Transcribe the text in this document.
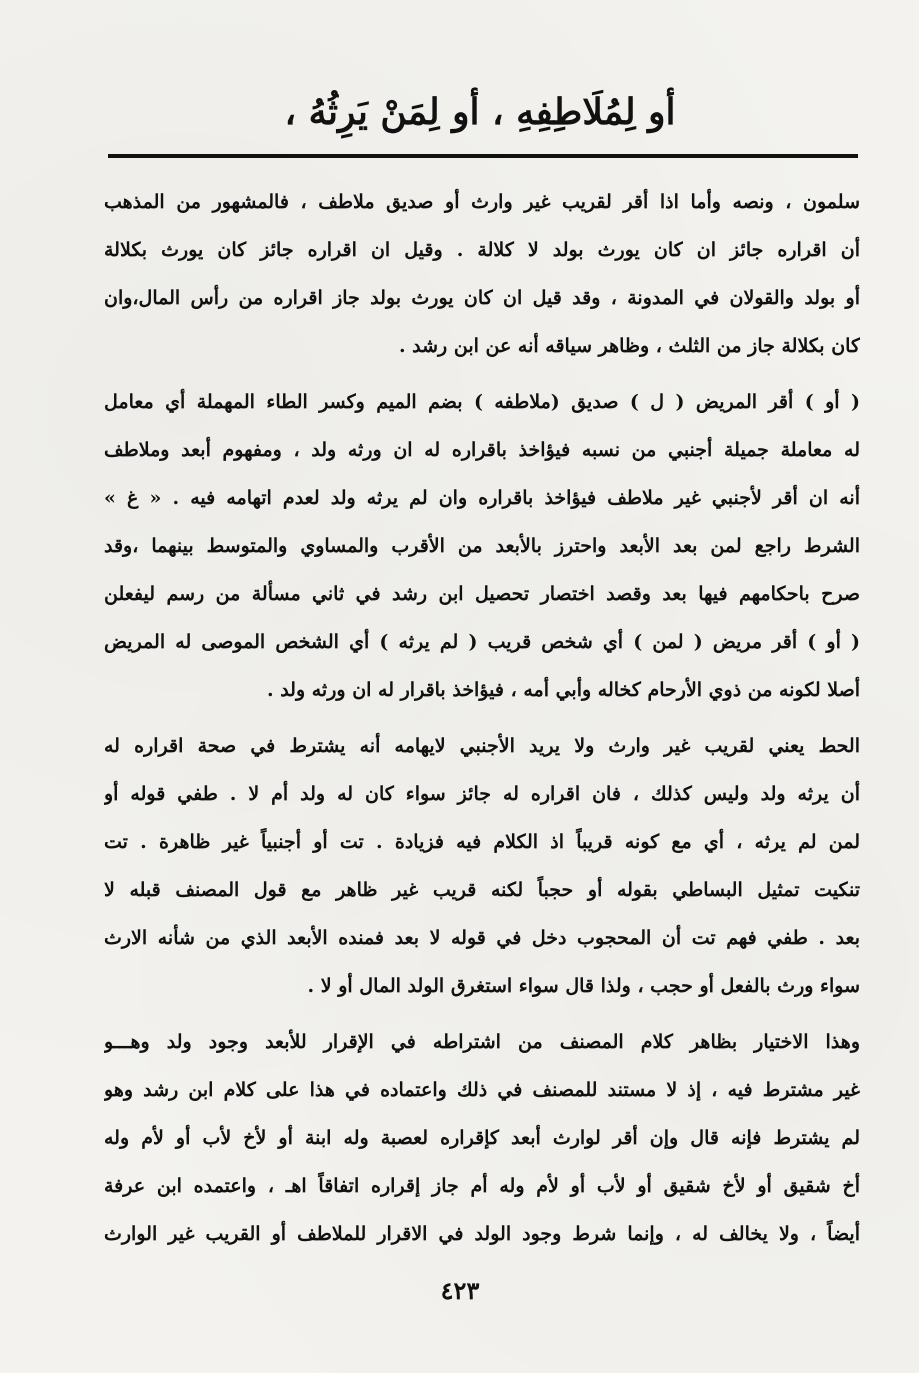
أو لِمُلَاطِفِهِ ، أو لِمَنْ يَرِثُهُ ،
سلمون ، ونصه وأما اذا أقر لقريب غير وارث أو صديق ملاطف ، فالمشهور من المذهب
أن اقراره جائز ان كان يورث بولد لا كلالة . وقيل ان اقراره جائز كان يورث بكلالة
أو بولد والقولان في المدونة ، وقد قيل ان كان يورث بولد جاز اقراره من رأس المال،وان
كان بكلالة جاز من الثلث ، وظاهر سياقه أنه عن ابن رشد .
( أو ) أقر المريض ( ل ) صديق (ملاطفه ) بضم الميم وكسر الطاء المهملة أي معامل
له معاملة جميلة أجنبي من نسبه فيؤاخذ باقراره له ان ورثه ولد ، ومفهوم أبعد وملاطف
أنه ان أقر لأجنبي غير ملاطف فيؤاخذ باقراره وان لم يرثه ولد لعدم اتهامه فيه . « غ »
الشرط راجع لمن بعد الأبعد واحترز بالأبعد من الأقرب والمساوي والمتوسط بينهما ،وقد
صرح باحكامهم فيها بعد وقصد اختصار تحصيل ابن رشد في ثاني مسألة من رسم ليفعلن
( أو ) أقر مريض ( لمن ) أي شخص قريب ( لم يرثه ) أي الشخص الموصى له المريض
أصلا لكونه من ذوي الأرحام كخاله وأبي أمه ، فيؤاخذ باقرار له ان ورثه ولد .
الحط يعني لقريب غير وارث ولا يريد الأجنبي لايهامه أنه يشترط في صحة اقراره له
أن يرثه ولد وليس كذلك ، فان اقراره له جائز سواء كان له ولد أم لا . طفي قوله أو
لمن لم يرثه ، أي مع كونه قريباً اذ الكلام فيه فزيادة . تت أو أجنبياً غير ظاهرة . تت
تنكيت تمثيل البساطي بقوله أو حجباً لكنه قريب غير ظاهر مع قول المصنف قبله لا
بعد . طفي فهم تت أن المحجوب دخل في قوله لا بعد فمنده الأبعد الذي من شأنه الارث
سواء ورث بالفعل أو حجب ، ولذا قال سواء استغرق الولد المال أو لا .
وهذا الاختيار بظاهر كلام المصنف من اشتراطه في الإقرار للأبعد وجود ولد وهـــو
غير مشترط فيه ، إذ لا مستند للمصنف في ذلك واعتماده في هذا على كلام ابن رشد وهو
لم يشترط فإنه قال وإن أقر لوارث أبعد كإقراره لعصبة وله ابنة أو لأخ لأب أو لأم وله
أخ شقيق أو لأخ شقيق أو لأب أو لأم وله أم جاز إقراره اتفاقاً اهـ ، واعتمده ابن عرفة
أيضاً ، ولا يخالف له ، وإنما شرط وجود الولد في الاقرار للملاطف أو القريب غير الوارث
٤٢٣
